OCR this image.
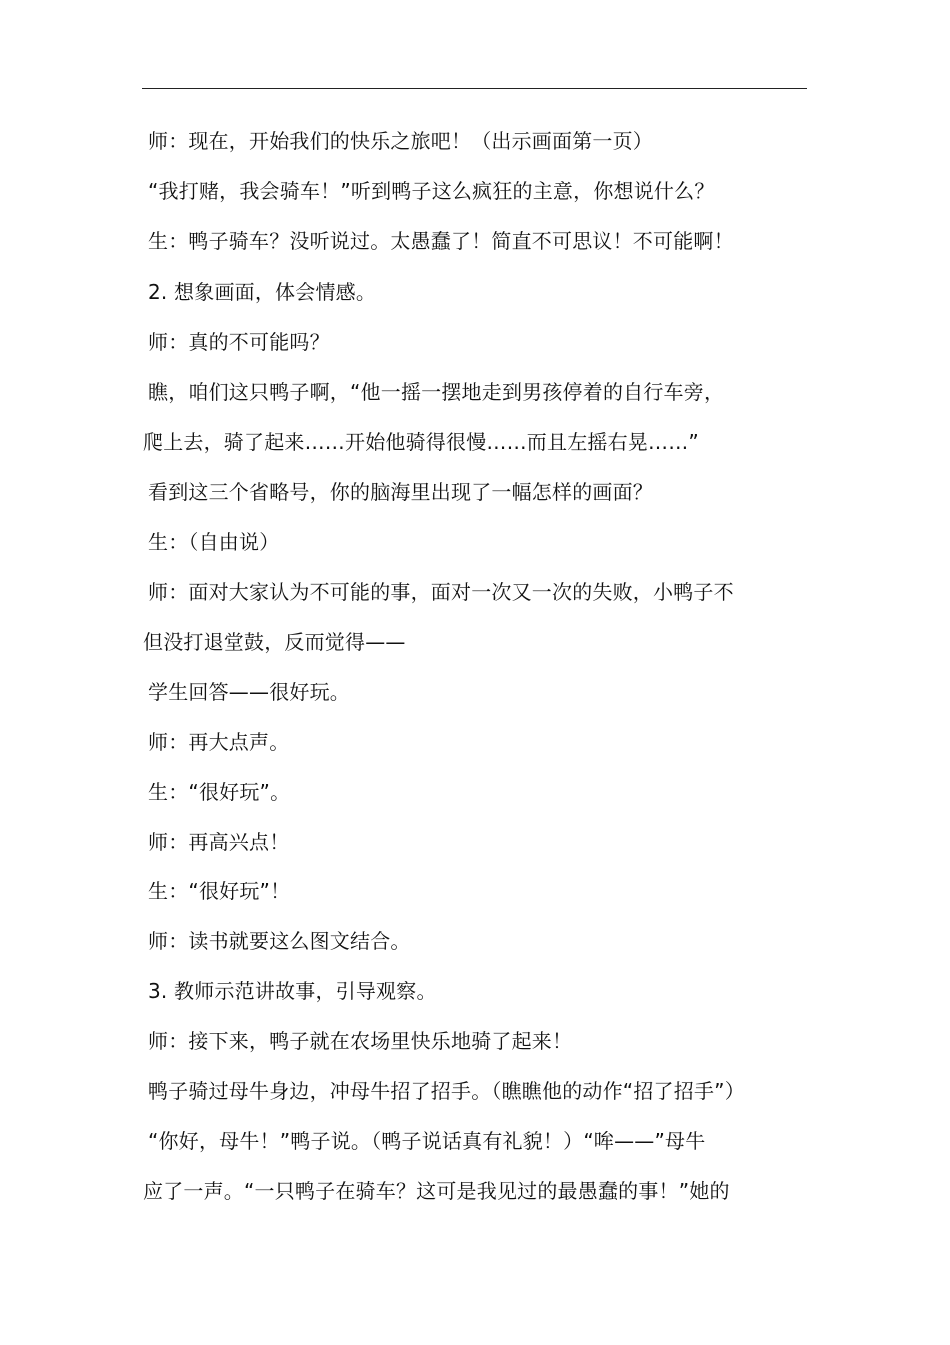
师：现在，开始我们的快乐之旅吧！（出示画面第一页）
“我打赌，我会骑车！”听到鸭子这么疯狂的主意，你想说什么？
生：鸭子骑车？没听说过。太愚蠢了！简直不可思议！不可能啊！
2. 想象画面，体会情感。
师：真的不可能吗？
瞧，咱们这只鸭子啊，“他一摇一摆地走到男孩停着的自行车旁，
爬上去，骑了起来……开始他骑得很慢……而且左摇右晃……”
看到这三个省略号，你的脑海里出现了一幅怎样的画面？
生：（自由说）
师：面对大家认为不可能的事，面对一次又一次的失败，小鸭子不
但没打退堂鼓，反而觉得——
学生回答——很好玩。
师：再大点声。
生：“很好玩”。
师：再高兴点！
生：“很好玩”！
师：读书就要这么图文结合。
3. 教师示范讲故事，引导观察。
师：接下来，鸭子就在农场里快乐地骑了起来！
鸭子骑过母牛身边，冲母牛招了招手。（瞧瞧他的动作“招了招手”）
“你好，母牛！”鸭子说。（鸭子说话真有礼貌！）“哞——”母牛
应了一声。“一只鸭子在骑车？这可是我见过的最愚蠢的事！”她的
